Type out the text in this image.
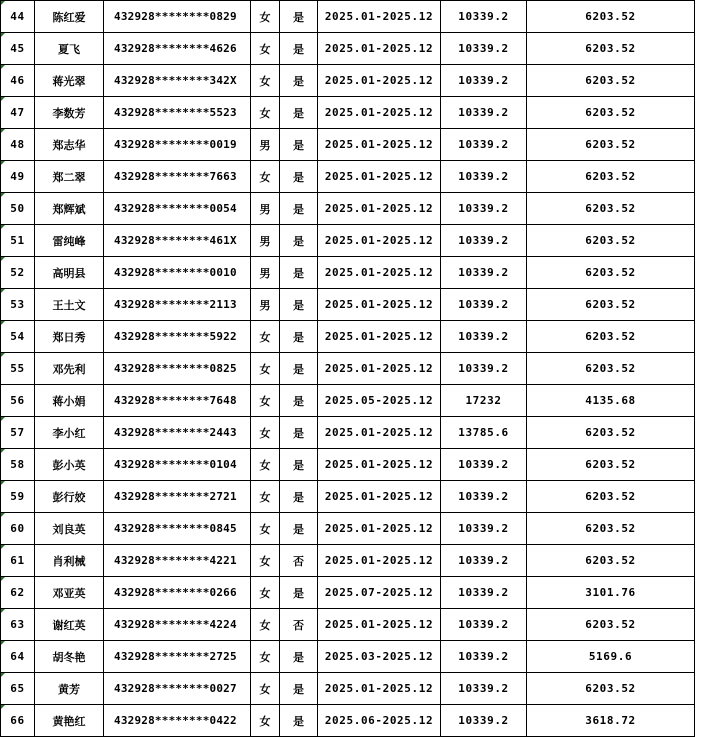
44	陈红爱	432928********0829	女	是	2025.01-2025.12	10339.2	6203.52

45	夏飞	432928********4626	女	是	2025.01-2025.12	10339.2	6203.52

46	蒋光翠	432928********342X	女	是	2025.01-2025.12	10339.2	6203.52

47	李数芳	432928********5523	女	是	2025.01-2025.12	10339.2	6203.52

48	郑志华	432928********0019	男	是	2025.01-2025.12	10339.2	6203.52

49	郑二翠	432928********7663	女	是	2025.01-2025.12	10339.2	6203.52

50	郑辉斌	432928********0054	男	是	2025.01-2025.12	10339.2	6203.52

51	雷纯峰	432928********461X	男	是	2025.01-2025.12	10339.2	6203.52

52	高明县	432928********0010	男	是	2025.01-2025.12	10339.2	6203.52

53	王土文	432928********2113	男	是	2025.01-2025.12	10339.2	6203.52

54	郑日秀	432928********5922	女	是	2025.01-2025.12	10339.2	6203.52

55	邓先利	432928********0825	女	是	2025.01-2025.12	10339.2	6203.52
56	蒋小娟	432928********7648	女	是	2025.05-2025.12	17232	4135.68

57	李小红	432928********2443	女	是	2025.01-2025.12	13785.6	6203.52

58	彭小英	432928********0104	女	是	2025.01-2025.12	10339.2	6203.52

59	彭行姣	432928********2721	女	是	2025.01-2025.12	10339.2	6203.52

60	刘良英	432928********0845	女	是	2025.01-2025.12	10339.2	6203.52

61	肖利械	432928********4221	女	否	2025.01-2025.12	10339.2	6203.52

62	邓亚英	432928********0266	女	是	2025.07-2025.12	10339.2	3101.76

63	谢红英	432928********4224	女	否	2025.01-2025.12	10339.2	6203.52

64	胡冬艳	432928********2725	女	是	2025.03-2025.12	10339.2	5169.6

65	黄芳	432928********0027	女	是	2025.01-2025.12	10339.2	6203.52

66	黄艳红	432928********0422	女	是	2025.06-2025.12	10339.2	3618.72
